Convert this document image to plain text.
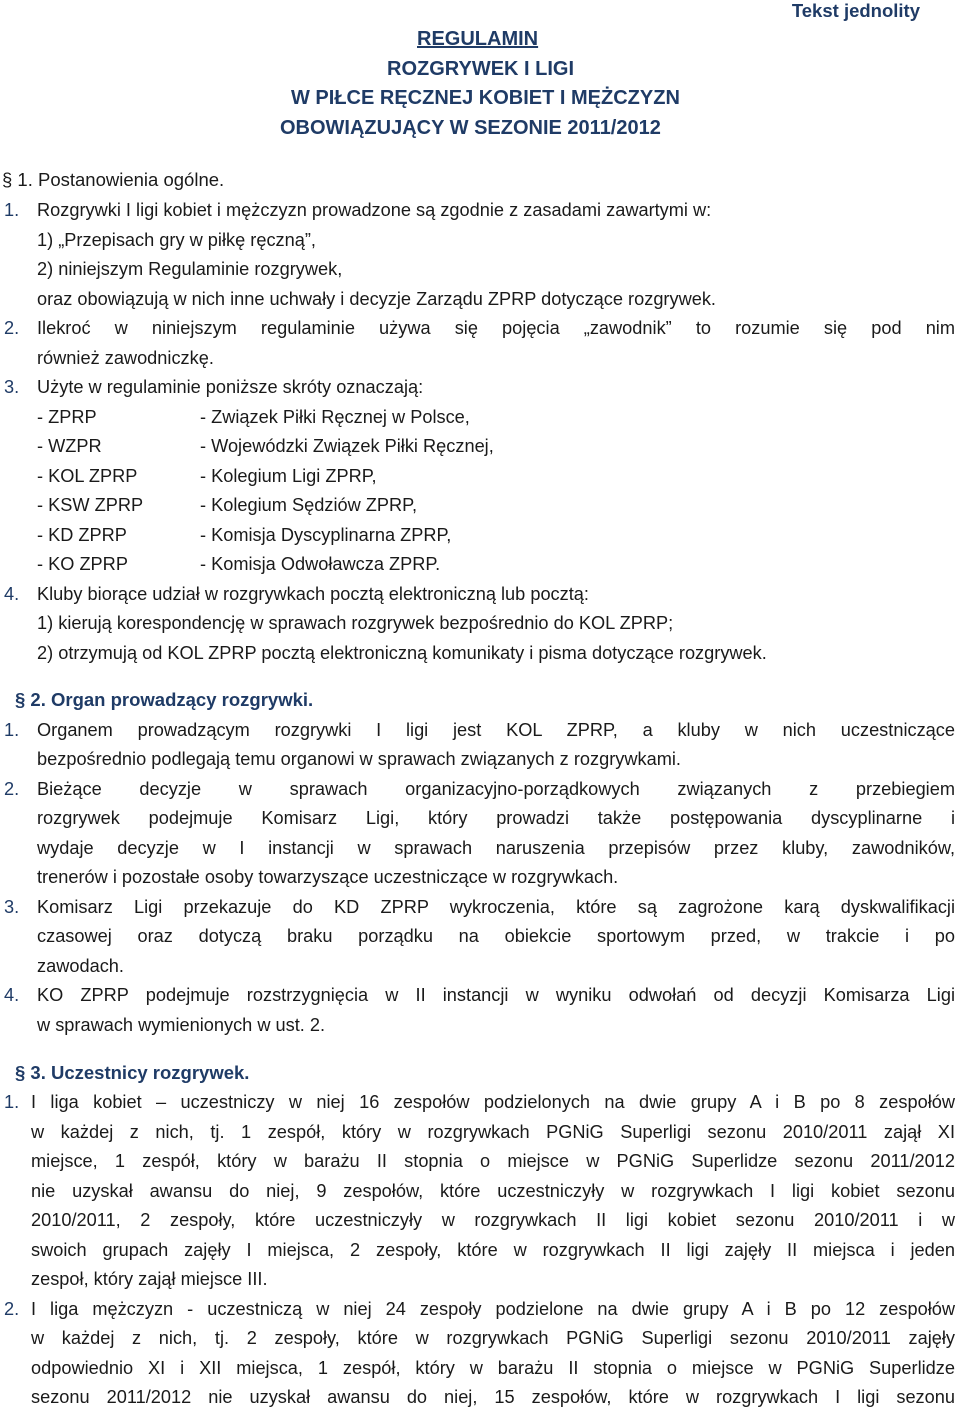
Tekst jednolity
REGULAMIN
ROZGRYWEK I LIGI
W PIŁCE RĘCZNEJ KOBIET I MĘŻCZYZN
OBOWIĄZUJĄCY W SEZONIE 2011/2012
§ 1. Postanowienia ogólne.
1. Rozgrywki I ligi kobiet i mężczyzn prowadzone są zgodnie z zasadami zawartymi w:
1) „Przepisach gry w piłkę ręczną”,
2) niniejszym Regulaminie rozgrywek,
oraz obowiązują w nich inne uchwały i decyzje Zarządu ZPRP dotyczące rozgrywek.
2. Ilekroć w niniejszym regulaminie używa się pojęcia „zawodnik” to rozumie się pod nim
również zawodniczkę.
3. Użyte w regulaminie poniższe skróty oznaczają:
- ZPRP	- Związek Piłki Ręcznej w Polsce,
- WZPR	- Wojewódzki Związek Piłki Ręcznej,
- KOL ZPRP	- Kolegium Ligi ZPRP,
- KSW ZPRP	- Kolegium Sędziów ZPRP,
- KD ZPRP	- Komisja Dyscyplinarna ZPRP,
- KO ZPRP	- Komisja Odwoławcza ZPRP.
4. Kluby biorące udział w rozgrywkach pocztą elektroniczną lub pocztą:
1) kierują korespondencję w sprawach rozgrywek bezpośrednio do KOL ZPRP;
2) otrzymują od KOL ZPRP pocztą elektroniczną komunikaty i pisma dotyczące rozgrywek.
§ 2. Organ prowadzący rozgrywki.
1. Organem prowadzącym rozgrywki I ligi jest KOL ZPRP, a kluby w nich uczestniczące
bezpośrednio podlegają temu organowi w sprawach związanych z rozgrywkami.
2. Bieżące decyzje w sprawach organizacyjno-porządkowych związanych z przebiegiem
rozgrywek podejmuje Komisarz Ligi, który prowadzi także postępowania dyscyplinarne i
wydaje decyzje w I instancji w sprawach naruszenia przepisów przez kluby, zawodników,
trenerów i pozostałe osoby towarzyszące uczestniczące w rozgrywkach.
3. Komisarz Ligi przekazuje do KD ZPRP wykroczenia, które są zagrożone karą dyskwalifikacji
czasowej oraz dotyczą braku porządku na obiekcie sportowym przed, w trakcie i po
zawodach.
4. KO ZPRP podejmuje rozstrzygnięcia w II instancji w wyniku odwołań od decyzji Komisarza Ligi
w sprawach wymienionych w ust. 2.
§ 3. Uczestnicy rozgrywek.
1. I liga kobiet – uczestniczy w niej 16 zespołów podzielonych na dwie grupy A i B po 8 zespołów
w każdej z nich, tj. 1 zespół, który w rozgrywkach PGNiG Superligi sezonu 2010/2011 zajął XI
miejsce, 1 zespół, który w barażu II stopnia o miejsce w PGNiG Superlidze sezonu 2011/2012
nie uzyskał awansu do niej, 9 zespołów, które uczestniczyły w rozgrywkach I ligi kobiet sezonu
2010/2011, 2 zespoły, które uczestniczyły w rozgrywkach II ligi kobiet sezonu 2010/2011 i w
swoich grupach zajęły I miejsca, 2 zespoły, które w rozgrywkach II ligi zajęły II miejsca i jeden
zespoł, który zajął miejsce III.
2. I liga mężczyzn - uczestniczą w niej 24 zespoły podzielone na dwie grupy A i B po 12 zespołów
w każdej z nich, tj. 2 zespoły, które w rozgrywkach PGNiG Superligi sezonu 2010/2011 zajęły
odpowiednio XI i XII miejsca, 1 zespół, który w barażu II stopnia o miejsce w PGNiG Superlidze
sezonu 2011/2012 nie uzyskał awansu do niej, 15 zespołów, które w rozgrywkach I ligi sezonu
